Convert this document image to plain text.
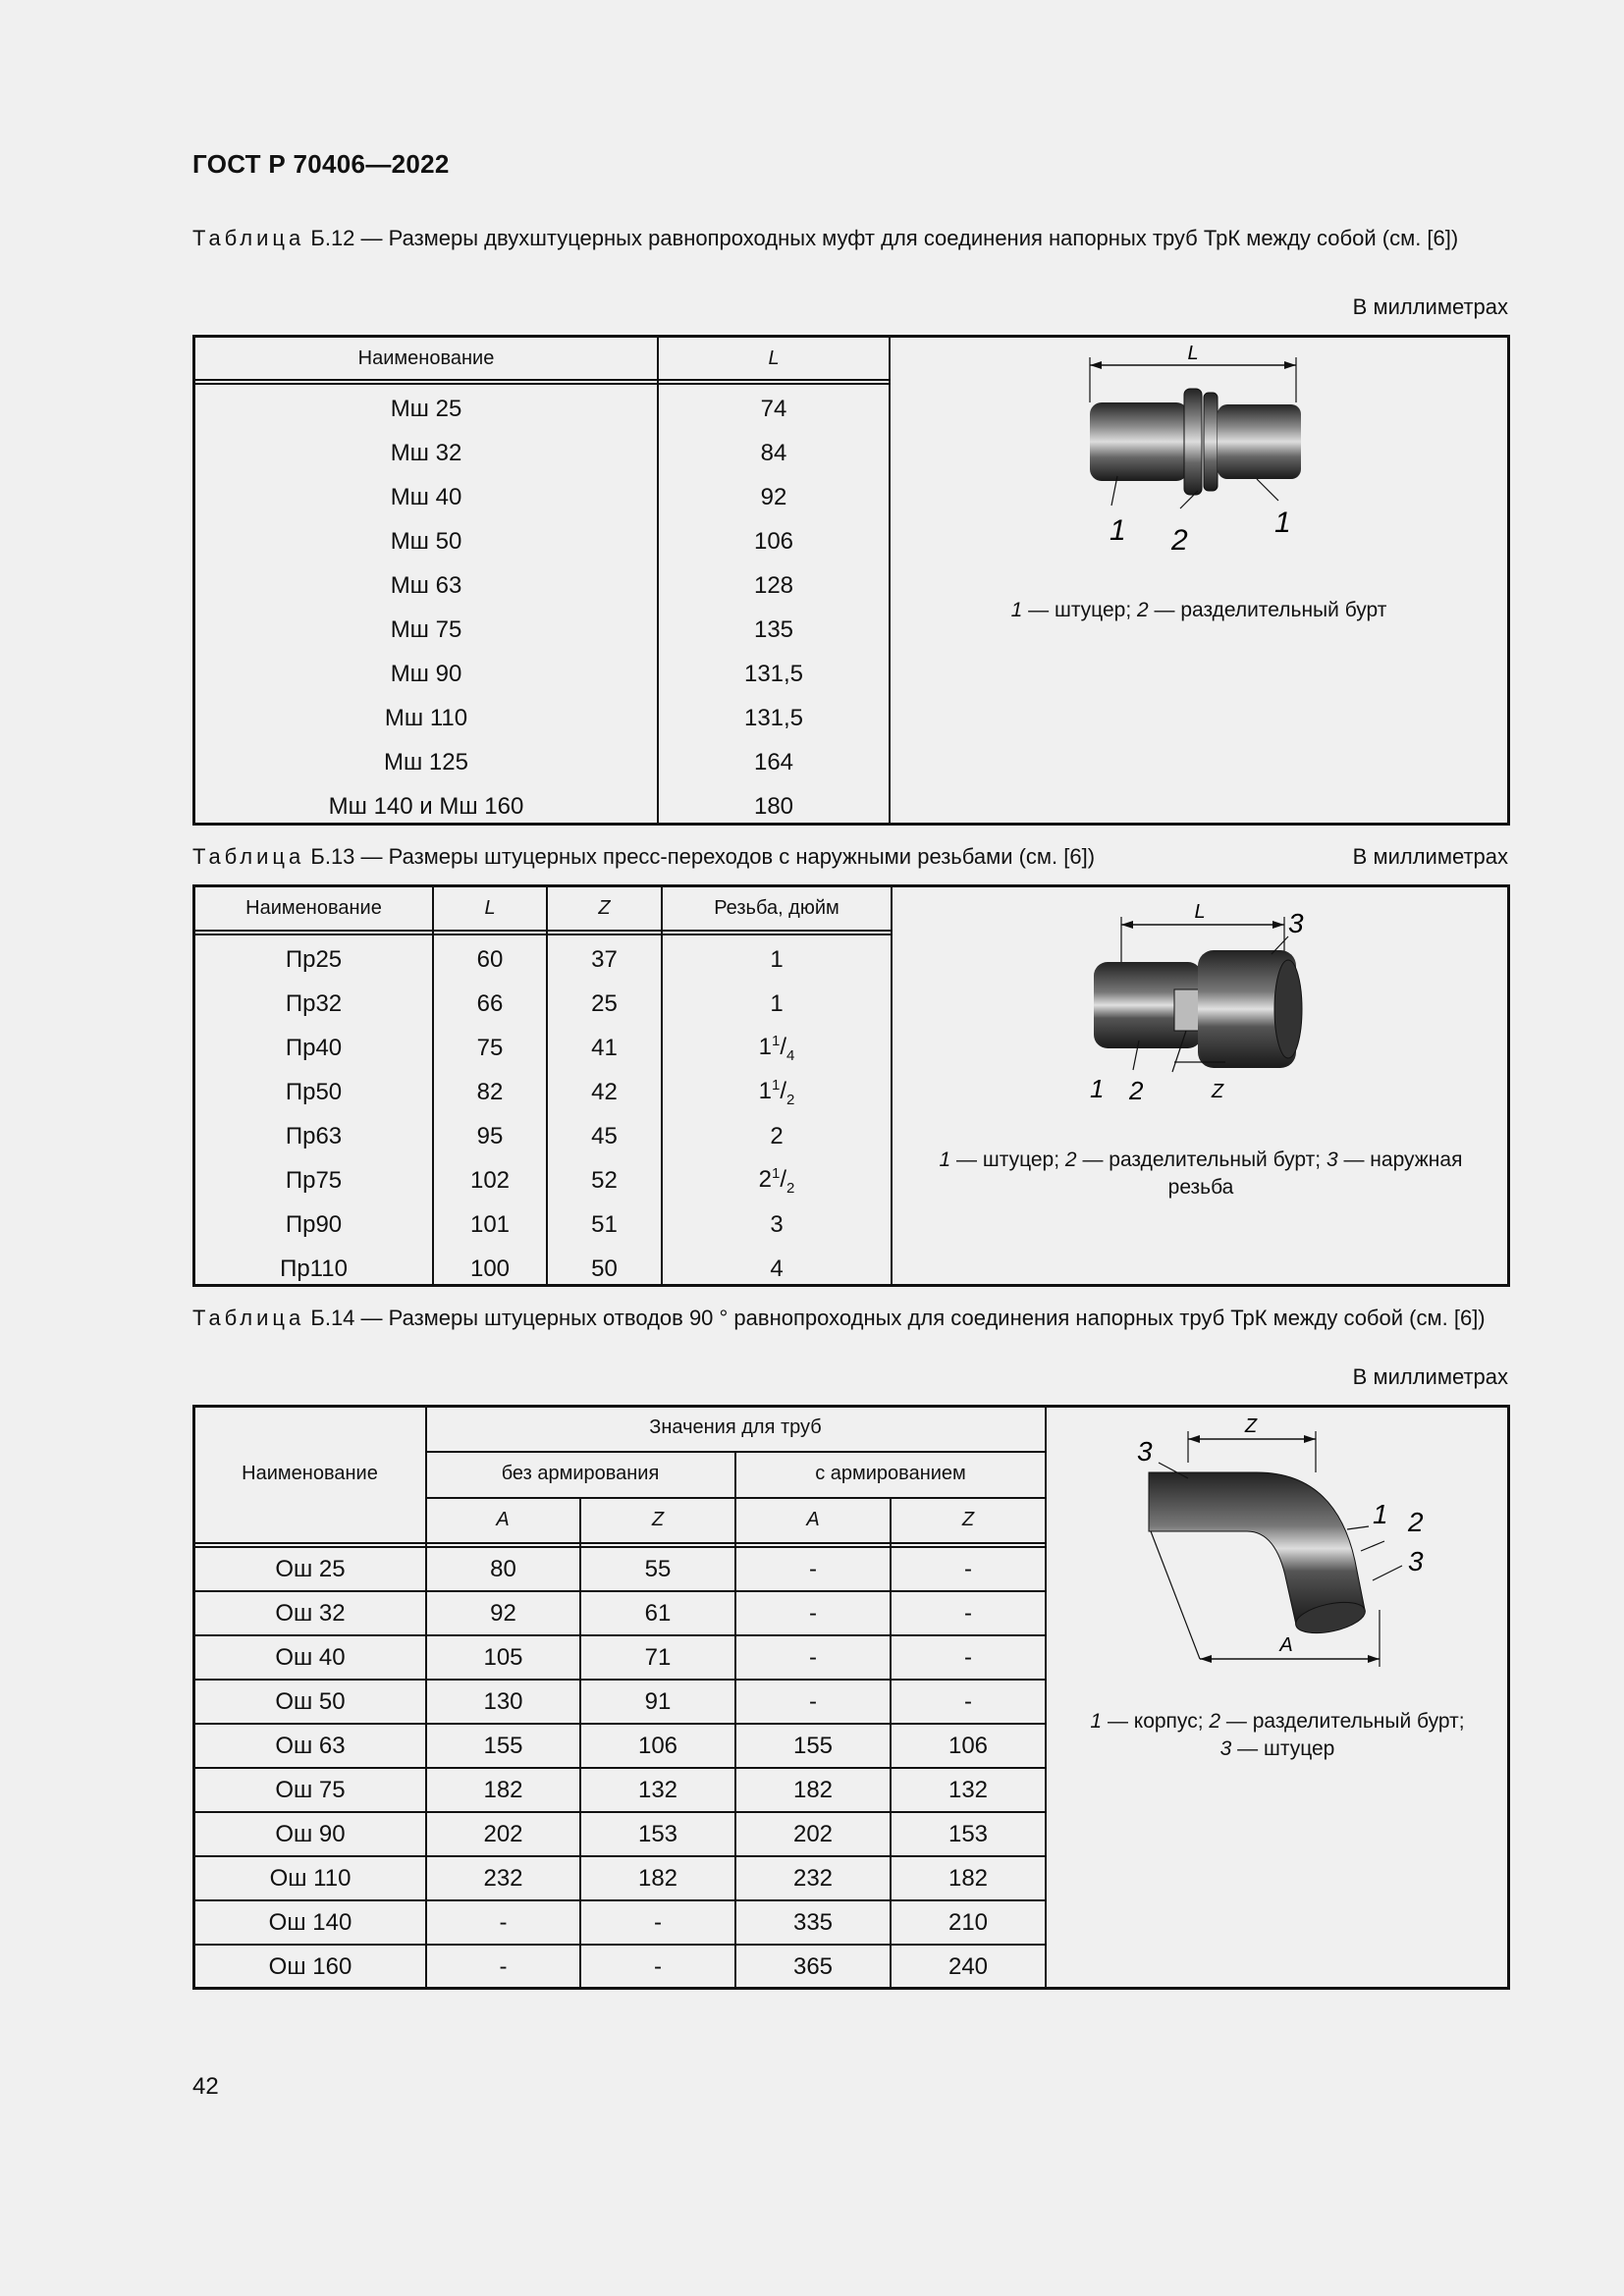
ГОСТ Р 70406—2022
Таблица Б.12 — Размеры двухштуцерных равнопроходных муфт для соединения напорных труб ТрК между собой (см. [6])
В миллиметрах
Наименование	L

Мш 25	74
Мш 32	84
Мш 40	92
Мш 50	106
Мш 63	128
Мш 75	135
Мш 90	131,5
Мш 110	131,5
Мш 125	164
Мш 140 и Мш 160	180
L
1 2
1
1 — штуцер; 2 — разделительный бурт
Таблица Б.13 — Размеры штуцерных пресс-переходов с наружными резьбами (см. [6])	В миллиметрах
Наименование	L	Z	Резьба, дюйм

Пр25	60	37	1
Пр32	66	25	1
Пр40	75	41	$1^1/_4$
Пр50	82	42	$1^1/_2$
Пр63	95	45	2
Пр75	102	52	$2^1/_2$
Пр90	101	51	3
Пр110	100	50	4
L
Z
3
1 2
1 — штуцер; 2 — разделительный бурт; 3 — наружная резьба
Таблица Б.14 — Размеры штуцерных отводов 90 ° равнопроходных для соединения напорных труб ТрК между собой (см. [6])
В миллиметрах
Наименование
Значения для труб
без армирования	с армированием
A	Z	A	Z
Ош 25	80	55	-	-
Ош 32	92	61	-	-
Ош 40	105	71	-	-
Ош 50	130	91	-	-
Ош 63	155	106	155	106
Ош 75	182	132	182	132
Ош 90	202	153	202	153
Ош 110	232	182	232	182
Ош 140	-	-	335	210
Ош 160	-	-	365	240
Z
A
3
1 2
3
1 — корпус; 2 — разделительный бурт;
3 — штуцер
42
